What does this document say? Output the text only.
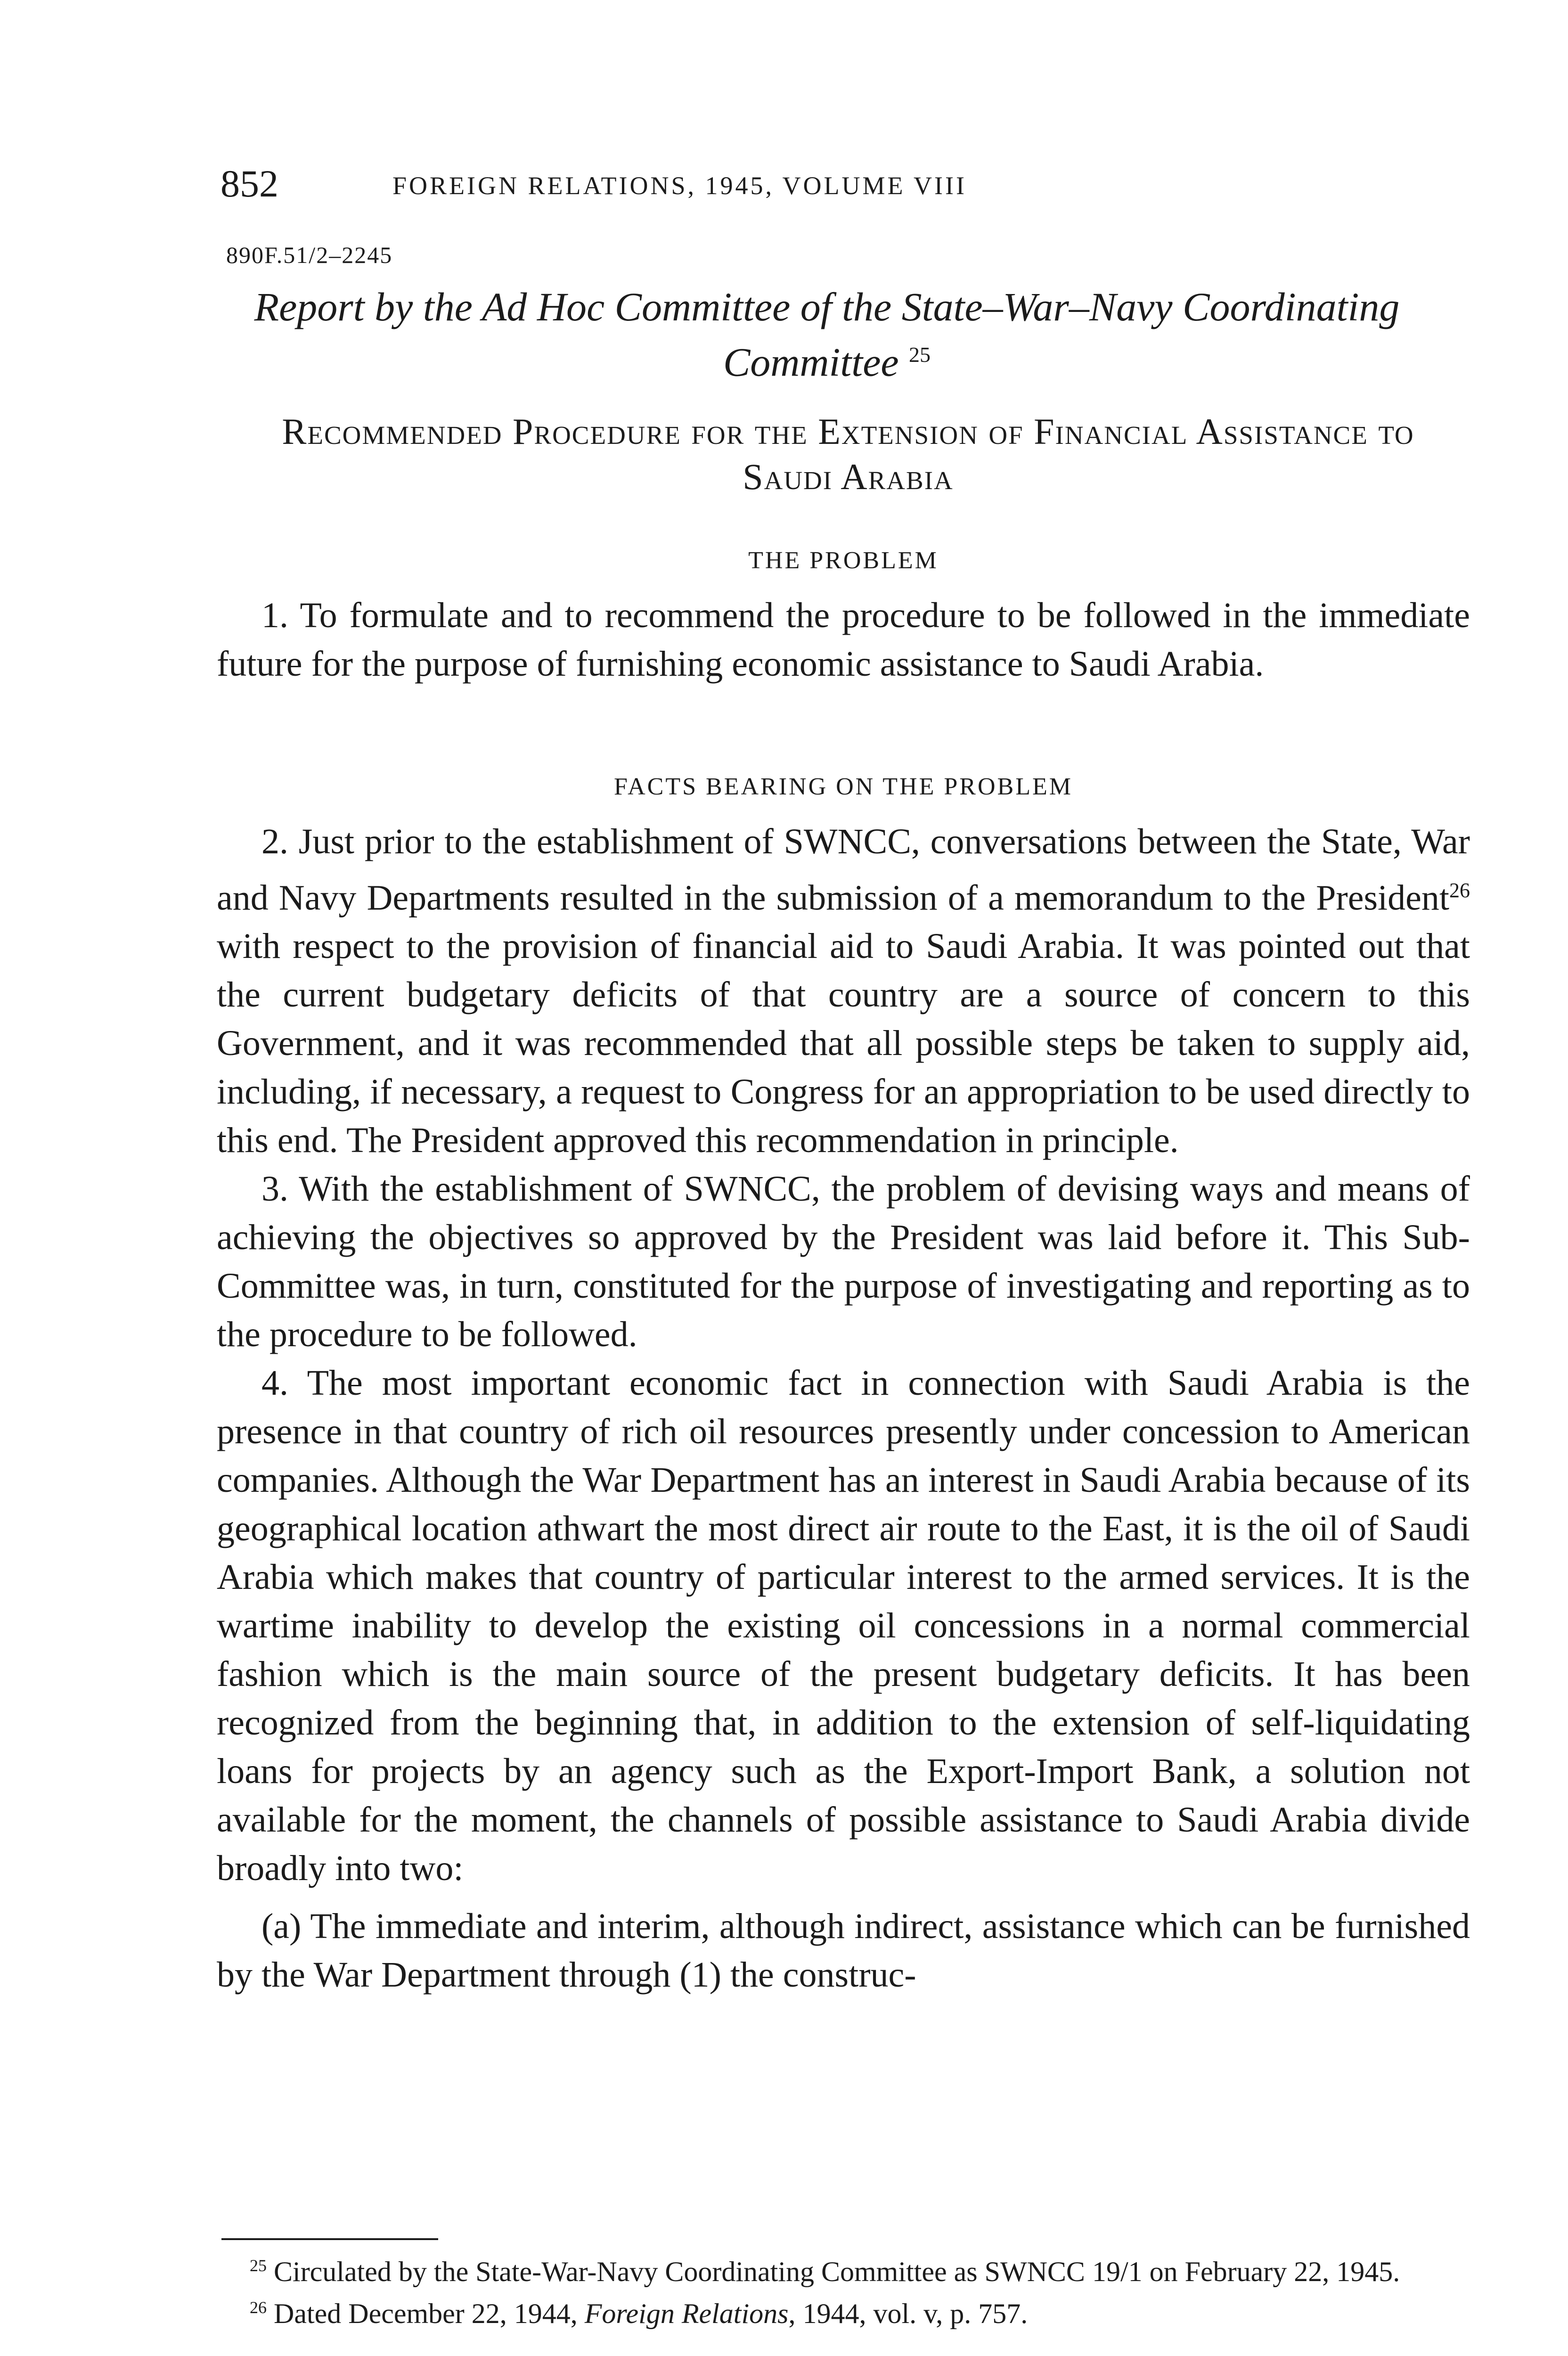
852	FOREIGN RELATIONS, 1945, VOLUME VIII
890F.51/2–2245
Report by the Ad Hoc Committee of the State–War–Navy Coordinating Committee $^{25}$
Recommended Procedure for the Extension of Financial Assistance to Saudi Arabia
THE PROBLEM

1. To formulate and to recommend the procedure to be followed in the immediate future for the purpose of furnishing economic assistance to Saudi Arabia.

FACTS BEARING ON THE PROBLEM

2. Just prior to the establishment of SWNCC, conversations between the State, War and Navy Departments resulted in the submission of a memorandum to the President$^{26}$ with respect to the provision of financial aid to Saudi Arabia. It was pointed out that the current budgetary deficits of that country are a source of concern to this Government, and it was recommended that all possible steps be taken to supply aid, including, if necessary, a request to Congress for an appropriation to be used directly to this end. The President approved this recommendation in principle.

3. With the establishment of SWNCC, the problem of devising ways and means of achieving the objectives so approved by the President was laid before it. This Sub-Committee was, in turn, constituted for the purpose of investigating and reporting as to the procedure to be followed.

4. The most important economic fact in connection with Saudi Arabia is the presence in that country of rich oil resources presently under concession to American companies. Although the War Department has an interest in Saudi Arabia because of its geographical location athwart the most direct air route to the East, it is the oil of Saudi Arabia which makes that country of particular interest to the armed services. It is the wartime inability to develop the existing oil concessions in a normal commercial fashion which is the main source of the present budgetary deficits. It has been recognized from the beginning that, in addition to the extension of self-liquidating loans for projects by an agency such as the Export-Import Bank, a solution not available for the moment, the channels of possible assistance to Saudi Arabia divide broadly into two:

(a) The immediate and interim, although indirect, assistance which can be furnished by the War Department through (1) the construc-

$^{25}$ Circulated by the State-War-Navy Coordinating Committee as SWNCC 19/1 on February 22, 1945.

$^{26}$ Dated December 22, 1944, Foreign Relations, 1944, vol. v, p. 757.
